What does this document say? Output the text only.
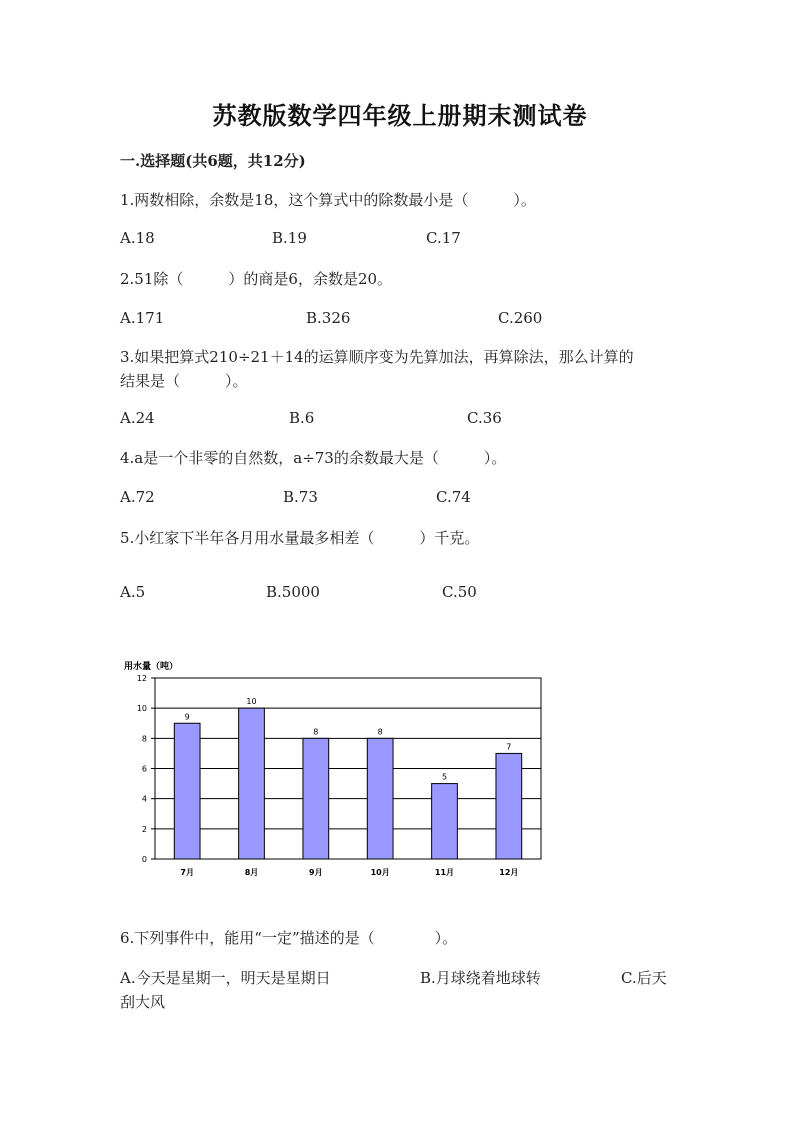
苏教版数学四年级上册期末测试卷
一.选择题(共6题，共12分)
1.两数相除，余数是18，这个算式中的除数最小是（　　　）。
A.18	B.19	C.17
2.51除（　　　）的商是6，余数是20。
A.171	B.326	C.260
3.如果把算式210÷21＋14的运算顺序变为先算加法，再算除法，那么计算的
结果是（　　　）。
A.24	B.6	C.36
4.a是一个非零的自然数，a÷73的余数最大是（　　　）。
A.72	B.73	C.74
5.小红家下半年各月用水量最多相差（　　　）千克。
A.5	B.5000	C.50
用水量（吨）
0
2
4
6
8
10
12
9
7月
10
8月
8
9月
8
10月
5
11月
7
12月
6.下列事件中，能用“一定”描述的是（　　　　）。
A.今天是星期一，明天是星期日	B.月球绕着地球转	C.后天
刮大风
